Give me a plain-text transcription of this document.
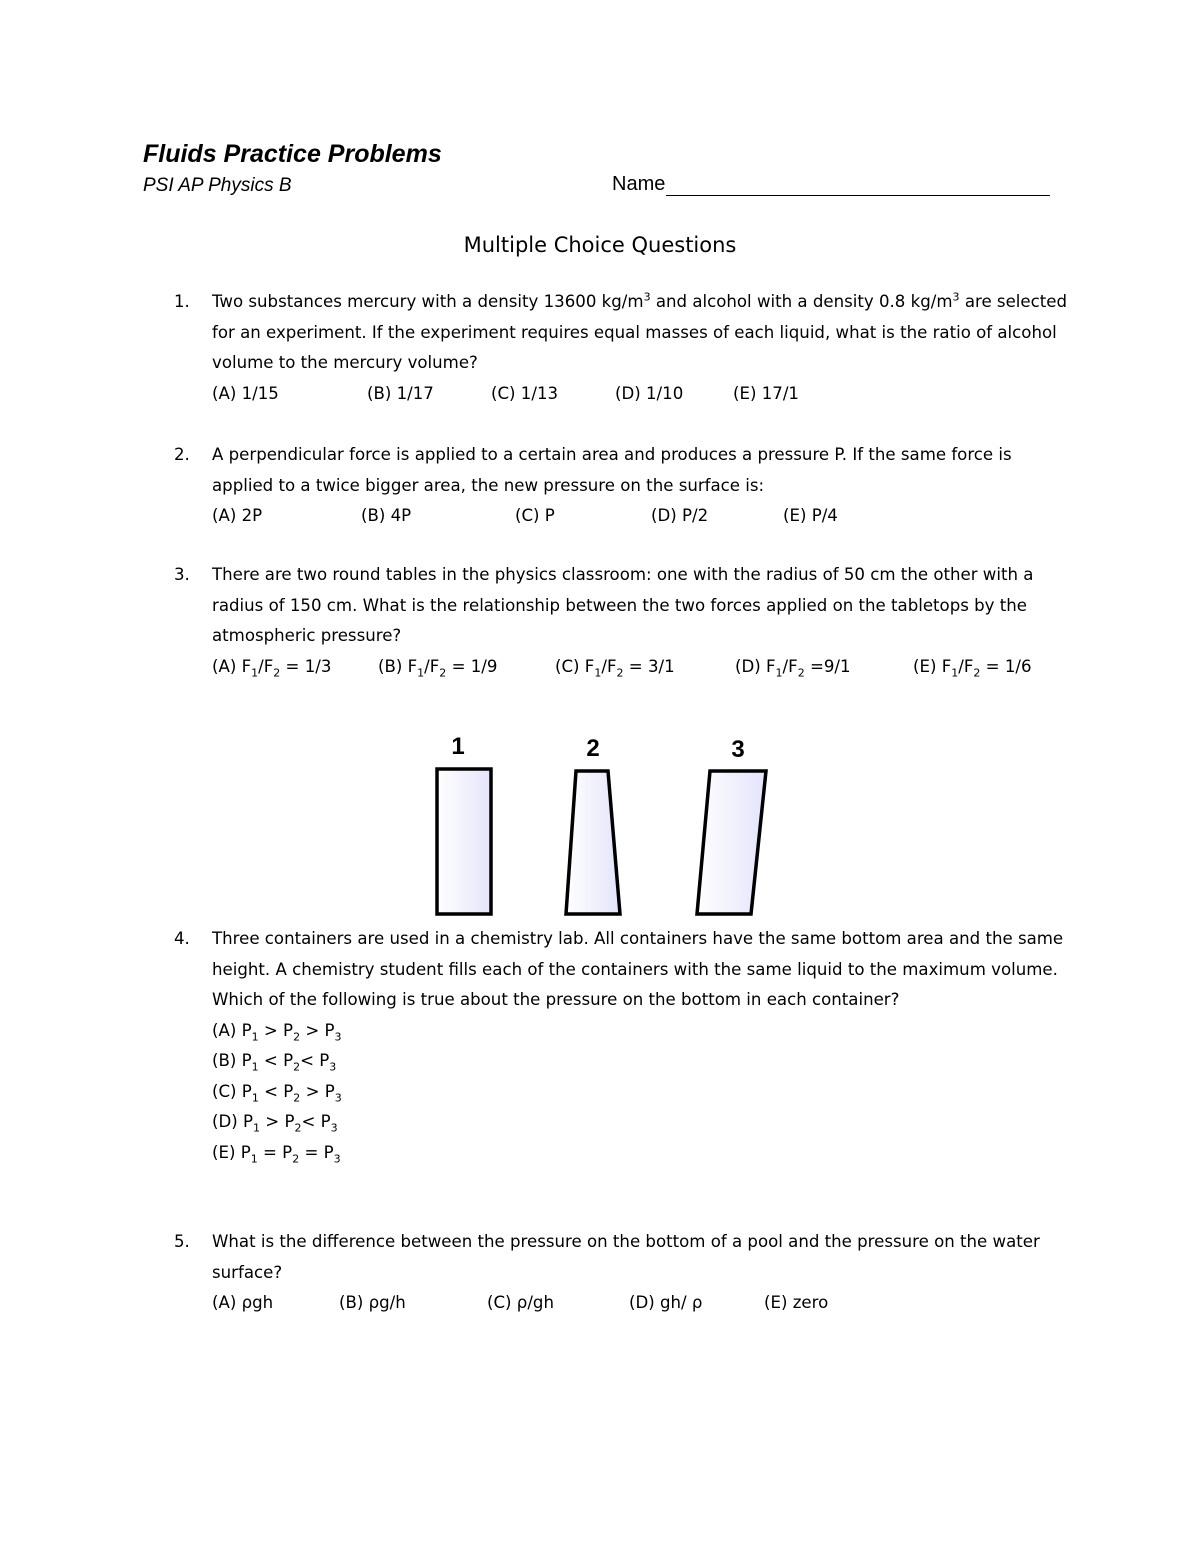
Fluids Practice Problems
PSI AP Physics B	Name
Multiple Choice Questions
1. Two substances mercury with a density 13600 $kg/m^3$ and alcohol with a density 0.8 $kg/m^3$ are selected for an experiment. If the experiment requires equal masses of each liquid, what is the ratio of alcohol volume to the mercury volume?
(A) 1/15	(B) 1/17	(C) 1/13	(D) 1/10	(E) 17/1
2. A perpendicular force is applied to a certain area and produces a pressure P. If the same force is applied to a twice bigger area, the new pressure on the surface is:
(A) 2P	(B) 4P	(C) P	(D) P/2	(E) P/4
3. There are two round tables in the physics classroom: one with the radius of 50 cm the other with a radius of 150 cm. What is the relationship between the two forces applied on the tabletops by the atmospheric pressure?
(A) $F_1/F_2 = 1/3$	(B) $F_1/F_2 = 1/9$	(C) $F_1/F_2 = 3/1$	(D) $F_1/F_2 =9/1$	(E) $F_1/F_2 = 1/6$
1	2	3
4. Three containers are used in a chemistry lab. All containers have the same bottom area and the same height. A chemistry student fills each of the containers with the same liquid to the maximum volume. Which of the following is true about the pressure on the bottom in each container?
(A) $P_1 > P_2 > P_3$
(B) $P_1 < P_2< P_3$
(C) $P_1 < P_2 > P_3$
(D) $P_1 > P_2< P_3$
(E) $P_1 = P_2 = P_3$
5. What is the difference between the pressure on the bottom of a pool and the pressure on the water surface?
(A) ρgh	(B) ρg/h	(C) ρ/gh	(D) gh/ ρ	(E) zero
